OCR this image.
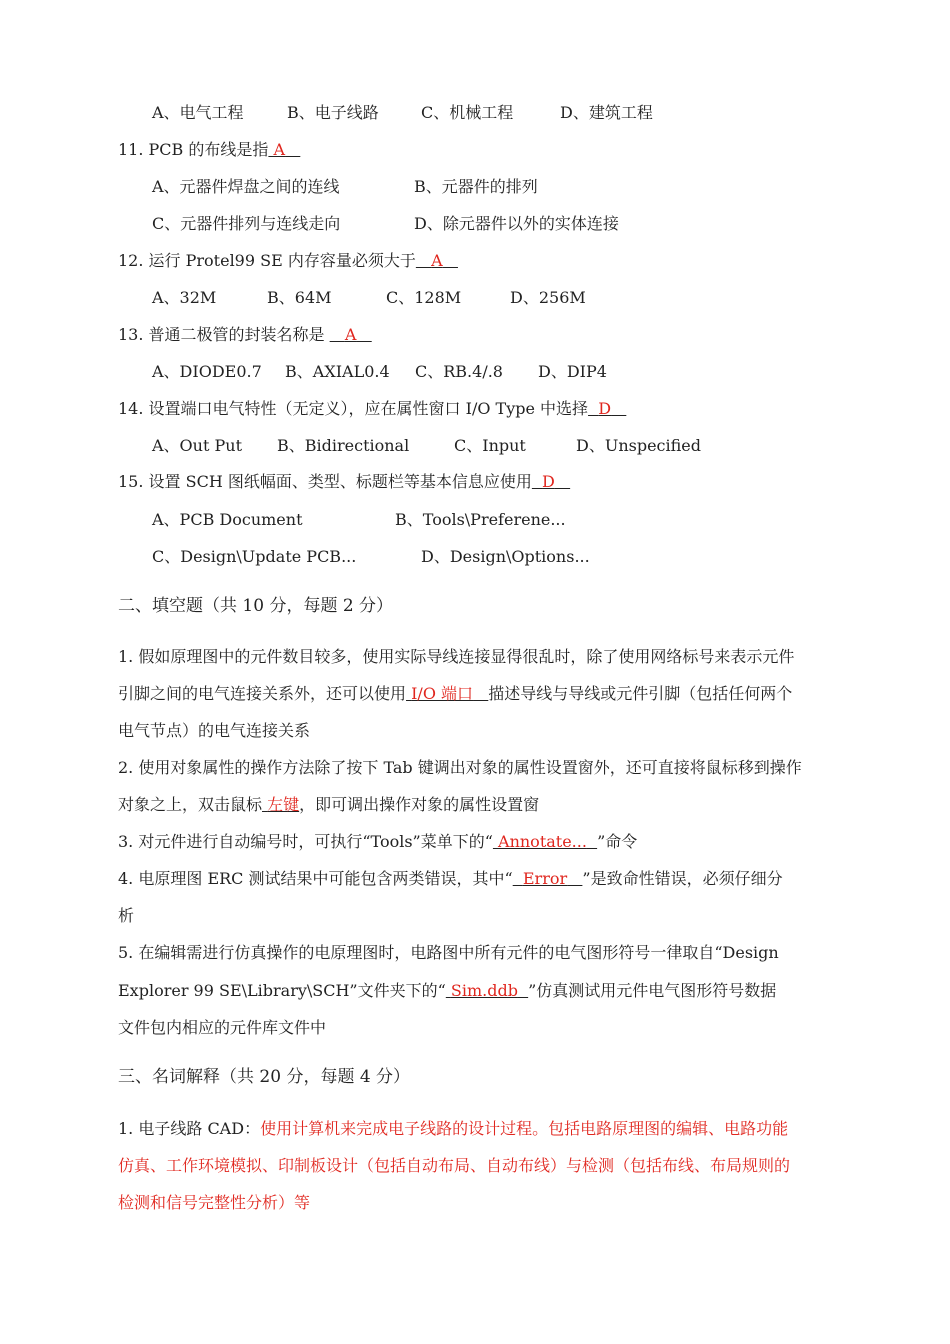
A、电气工程	B、电子线路	C、机械工程	D、建筑工程
11. PCB 的布线是指 A
A、元器件焊盘之间的连线	B、元器件的排列
C、元器件排列与连线走向	D、除元器件以外的实体连接
12. 运行 Protel99 SE 内存容量必须大于 A
A、32M	B、64M	C、128M	D、256M
13. 普通二极管的封装名称是    A
A、DIODE0.7 B、AXIAL0.4 C、RB.4/.8 D、DIP4
14. 设置端口电气特性（无定义），应在属性窗口 I/O Type 中选择 D
A、Out Put B、Bidirectional	C、Input	D、Unspecified
15. 设置 SCH 图纸幅面、类型、标题栏等基本信息应使用 D
A、PCB Document	B、Tools\Preferene...
C、Design\Update PCB...	D、Design\Options...
二、填空题（共 10 分，每题 2 分）
1. 假如原理图中的元件数目较多，使用实际导线连接显得很乱时，除了使用网络标号来表示元件
引脚之间的电气连接关系外，还可以使用 I/O 端口 描述导线与导线或元件引脚（包括任何两个
电气节点）的电气连接关系
2. 使用对象属性的操作方法除了按下 Tab 键调出对象的属性设置窗外，还可直接将鼠标移到操作
对象之上，双击鼠标 左键，即可调出操作对象的属性设置窗
3. 对元件进行自动编号时，可执行“Tools”菜单下的“ Annotate... ”命令
4. 电原理图 ERC 测试结果中可能包含两类错误，其中“ Error ”是致命性错误，必须仔细分
析
5. 在编辑需进行仿真操作的电原理图时，电路图中所有元件的电气图形符号一律取自“Design
Explorer 99 SE\Library\SCH”文件夹下的“ Sim.ddb ”仿真测试用元件电气图形符号数据
文件包内相应的元件库文件中
三、名词解释（共 20 分，每题 4 分）
1. 电子线路 CAD：使用计算机来完成电子线路的设计过程。包括电路原理图的编辑、电路功能
仿真、工作环境模拟、印制板设计（包括自动布局、自动布线）与检测（包括布线、布局规则的
检测和信号完整性分析）等
